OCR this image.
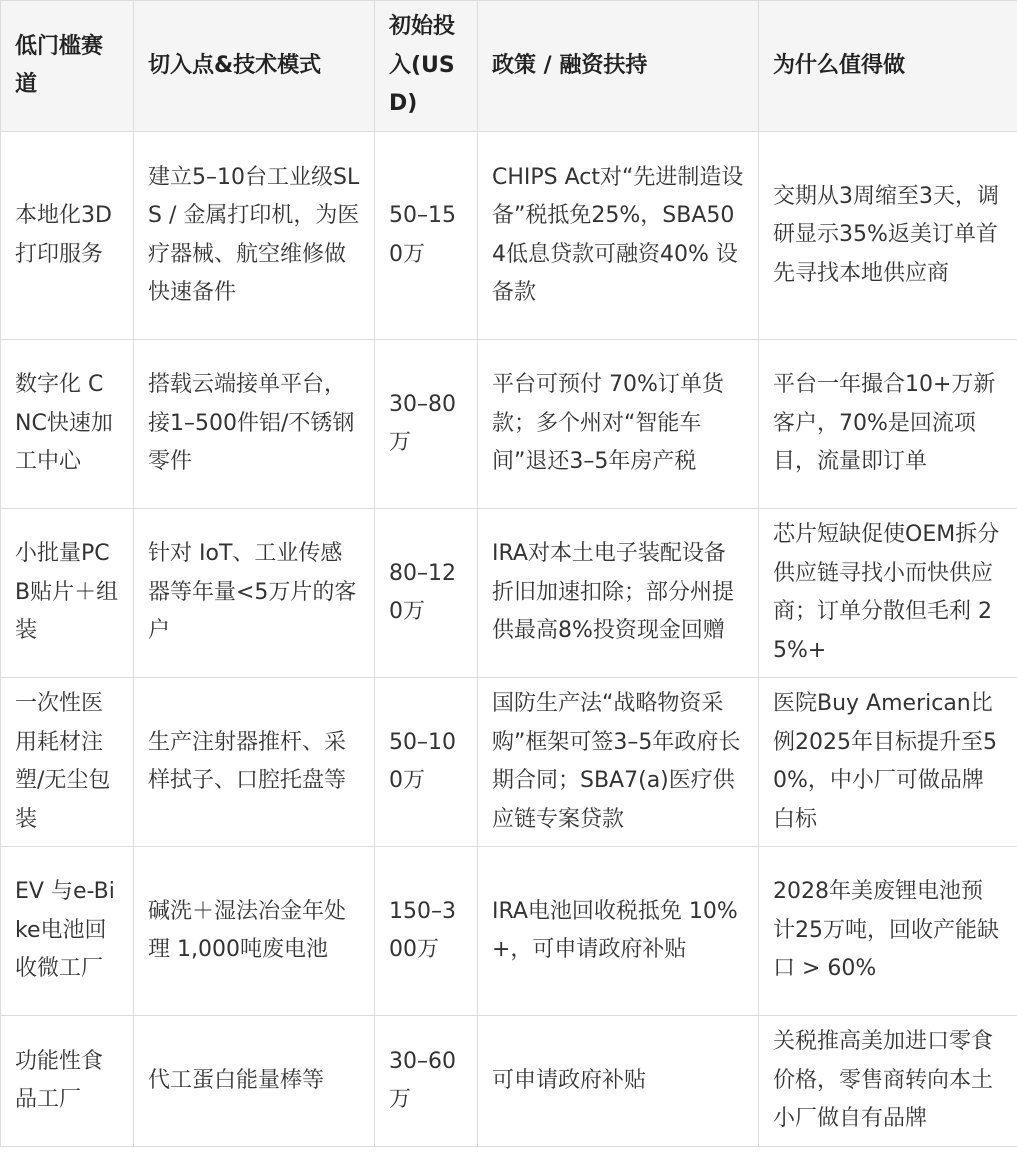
低门槛赛道	切入点&技术模式	初始投入(USD)	政策 / 融资扶持	为什么值得做
本地化3D打印服务	建立5–10台工业级SLS / 金属打印机，为医疗器械、航空维修做快速备件	50–150万	CHIPS Act对“先进制造设备”税抵免25%，SBA504低息贷款可融资40% 设备款	交期从3周缩至3天，调研显示35%返美订单首先寻找本地供应商
数字化 CNC快速加工中心	搭载云端接单平台，接1–500件铝/不锈钢零件	30–80万	平台可预付 70%订单货款；多个州对“智能车间”退还3–5年房产税	平台一年撮合10+万新客户，70%是回流项目，流量即订单
小批量PCB贴片＋组装	针对 IoT、工业传感器等年量<5万片的客户	80–120万	IRA对本土电子装配设备折旧加速扣除；部分州提供最高8%投资现金回赠	芯片短缺促使OEM拆分供应链寻找小而快供应商；订单分散但毛利 25%+
一次性医用耗材注塑/无尘包装	生产注射器推杆、采样拭子、口腔托盘等	50–100万	国防生产法“战略物资采购”框架可签3–5年政府长期合同；SBA7(a)医疗供应链专案贷款	医院Buy American比例2025年目标提升至50%，中小厂可做品牌白标
EV 与e-Bike电池回收微工厂	碱洗＋湿法冶金年处理 1,000吨废电池	150–300万	IRA电池回收税抵免 10%+，可申请政府补贴	2028年美废锂电池预计25万吨，回收产能缺口 > 60%
功能性食品工厂	代工蛋白能量棒等	30–60万	可申请政府补贴	关税推高美加进口零食价格，零售商转向本土小厂做自有品牌
